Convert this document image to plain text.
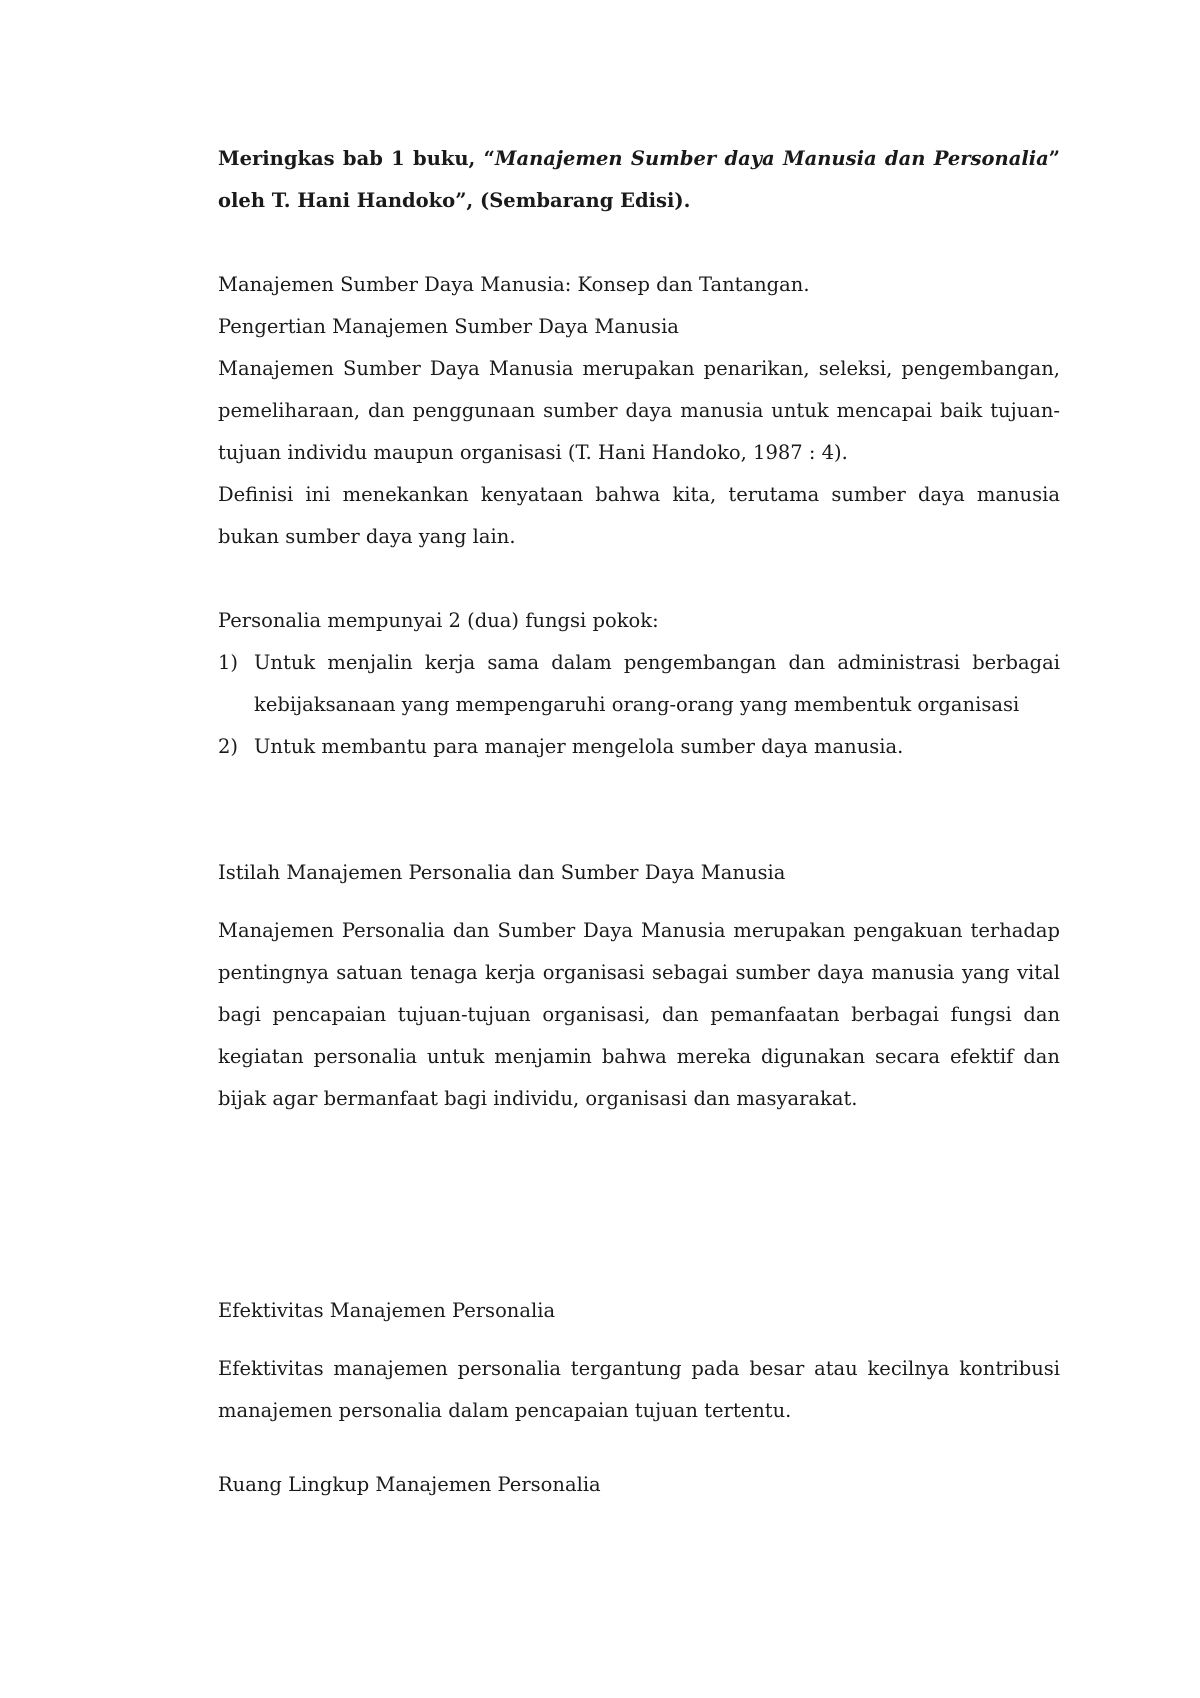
Meringkas bab 1 buku, “Manajemen Sumber daya Manusia dan Personalia” oleh T. Hani Handoko”, (Sembarang Edisi).

Manajemen Sumber Daya Manusia: Konsep dan Tantangan.

Pengertian Manajemen Sumber Daya Manusia

Manajemen Sumber Daya Manusia merupakan penarikan, seleksi, pengembangan, pemeliharaan, dan penggunaan sumber daya manusia untuk mencapai baik tujuan-tujuan individu maupun organisasi (T. Hani Handoko, 1987 : 4).

Definisi ini menekankan kenyataan bahwa kita, terutama sumber daya manusia bukan sumber daya yang lain.

Personalia mempunyai 2 (dua) fungsi pokok:

1) Untuk menjalin kerja sama dalam pengembangan dan administrasi berbagai kebijaksanaan yang mempengaruhi orang-orang yang membentuk organisasi
2) Untuk membantu para manajer mengelola sumber daya manusia.

Istilah Manajemen Personalia dan Sumber Daya Manusia

Manajemen Personalia dan Sumber Daya Manusia merupakan pengakuan terhadap pentingnya satuan tenaga kerja organisasi sebagai sumber daya manusia yang vital bagi pencapaian tujuan-tujuan organisasi, dan pemanfaatan berbagai fungsi dan kegiatan personalia untuk menjamin bahwa mereka digunakan secara efektif dan bijak agar bermanfaat bagi individu, organisasi dan masyarakat.

Efektivitas Manajemen Personalia

Efektivitas manajemen personalia tergantung pada besar atau kecilnya kontribusi manajemen personalia dalam pencapaian tujuan tertentu.

Ruang Lingkup Manajemen Personalia
